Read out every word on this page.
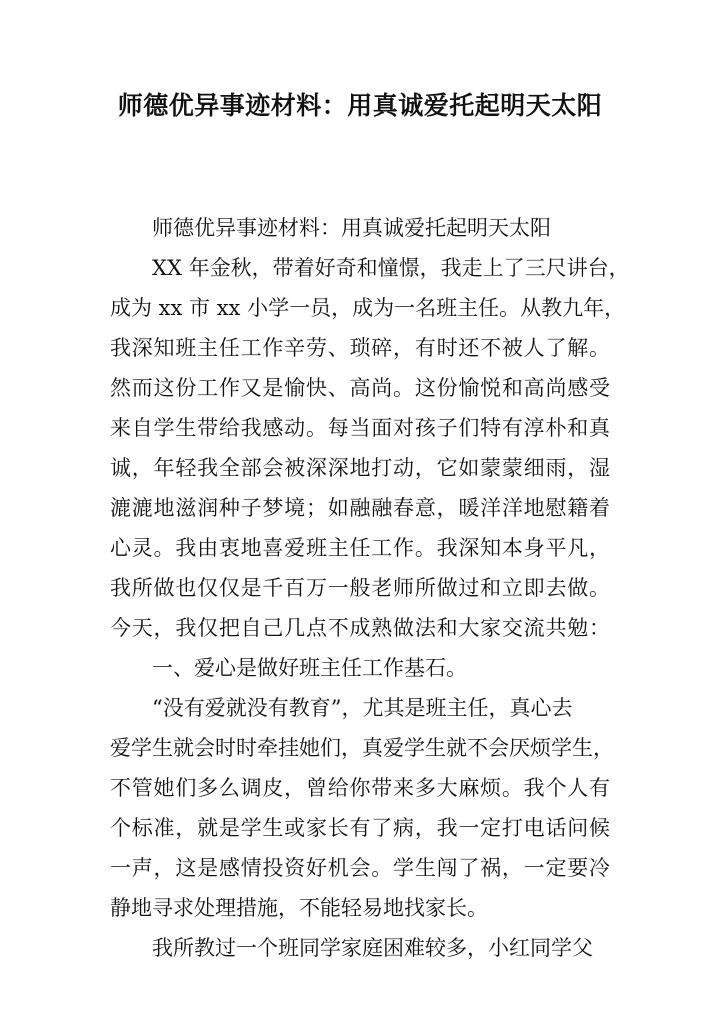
师德优异事迹材料：用真诚爱托起明天太阳
师德优异事迹材料：用真诚爱托起明天太阳
XX 年金秋，带着好奇和憧憬，我走上了三尺讲台，
成为 xx 市 xx 小学一员，成为一名班主任。从教九年，
我深知班主任工作辛劳、琐碎，有时还不被人了解。
然而这份工作又是愉快、高尚。这份愉悦和高尚感受
来自学生带给我感动。每当面对孩子们特有淳朴和真
诚，年轻我全部会被深深地打动，它如蒙蒙细雨，湿
漉漉地滋润种子梦境；如融融春意，暖洋洋地慰籍着
心灵。我由衷地喜爱班主任工作。我深知本身平凡，
我所做也仅仅是千百万一般老师所做过和立即去做。
今天，我仅把自己几点不成熟做法和大家交流共勉：
一、爱心是做好班主任工作基石。
“没有爱就没有教育”，尤其是班主任，真心去
爱学生就会时时牵挂她们，真爱学生就不会厌烦学生，
不管她们多么调皮，曾给你带来多大麻烦。我个人有
个标准，就是学生或家长有了病，我一定打电话问候
一声，这是感情投资好机会。学生闯了祸，一定要冷
静地寻求处理措施，不能轻易地找家长。
我所教过一个班同学家庭困难较多，小红同学父
